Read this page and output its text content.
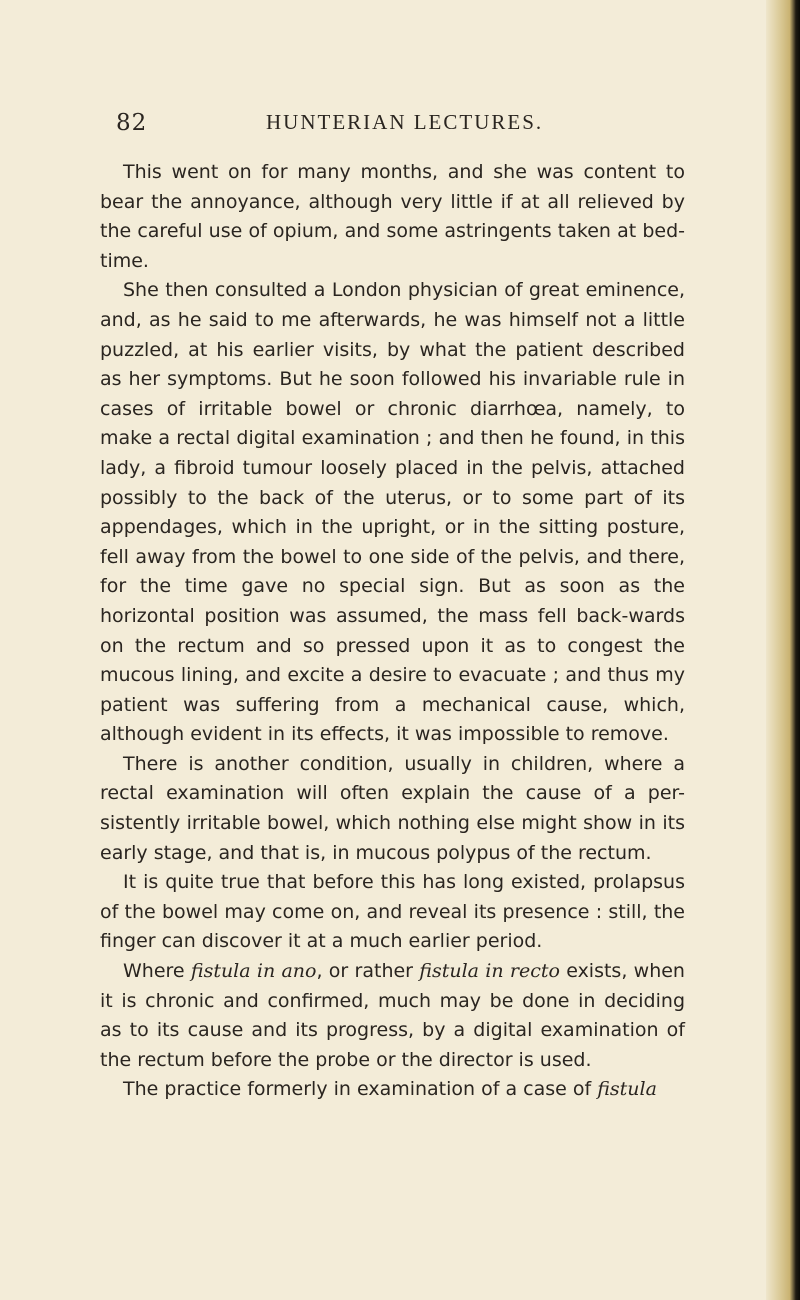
82	HUNTERIAN LECTURES.

This went on for many months, and she was content to bear the annoyance, although very little if at all relieved by the careful use of opium, and some astringents taken at bed-time.

She then consulted a London physician of great eminence, and, as he said to me afterwards, he was himself not a little puzzled, at his earlier visits, by what the patient described as her symptoms. But he soon followed his invariable rule in cases of irritable bowel or chronic diarrhœa, namely, to make a rectal digital examination ; and then he found, in this lady, a fibroid tumour loosely placed in the pelvis, attached possibly to the back of the uterus, or to some part of its appendages, which in the upright, or in the sitting posture, fell away from the bowel to one side of the pelvis, and there, for the time gave no special sign. But as soon as the horizontal position was assumed, the mass fell back-wards on the rectum and so pressed upon it as to congest the mucous lining, and excite a desire to evacuate ; and thus my patient was suffering from a mechanical cause, which, although evident in its effects, it was impossible to remove.

There is another condition, usually in children, where a rectal examination will often explain the cause of a per-sistently irritable bowel, which nothing else might show in its early stage, and that is, in mucous polypus of the rectum.

It is quite true that before this has long existed, prolapsus of the bowel may come on, and reveal its presence : still, the finger can discover it at a much earlier period.

Where fistula in ano, or rather fistula in recto exists, when it is chronic and confirmed, much may be done in deciding as to its cause and its progress, by a digital examination of the rectum before the probe or the director is used.

The practice formerly in examination of a case of fistula
